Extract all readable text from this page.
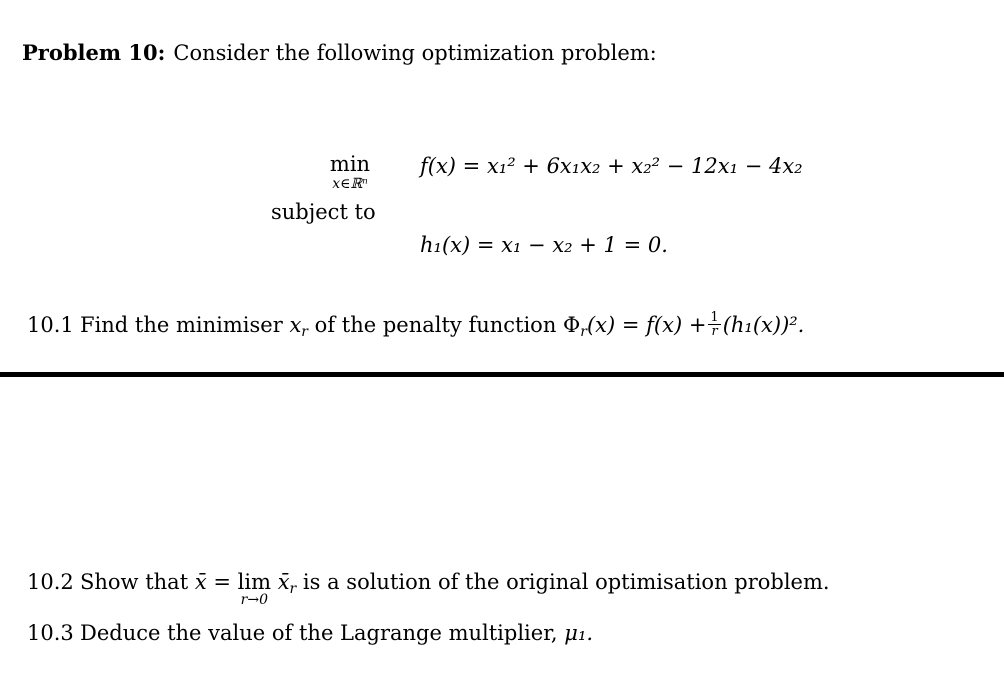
Problem 10: Consider the following optimization problem:
min
x∈ℝⁿ
f(x) = x₁² + 6x₁x₂ + x₂² − 12x₁ − 4x₂
subject to
h₁(x) = x₁ − x₂ + 1 = 0.
10.1 Find the minimiser $x_r$ of the penalty function $\Phi_r(x) = f(x) + \frac{1}{r} (h_1(x))^2$.
10.2 Show that x̄ = lim
r→0
$x̄_r$ is a solution of the original optimisation problem.
10.3 Deduce the value of the Lagrange multiplier, μ₁.
